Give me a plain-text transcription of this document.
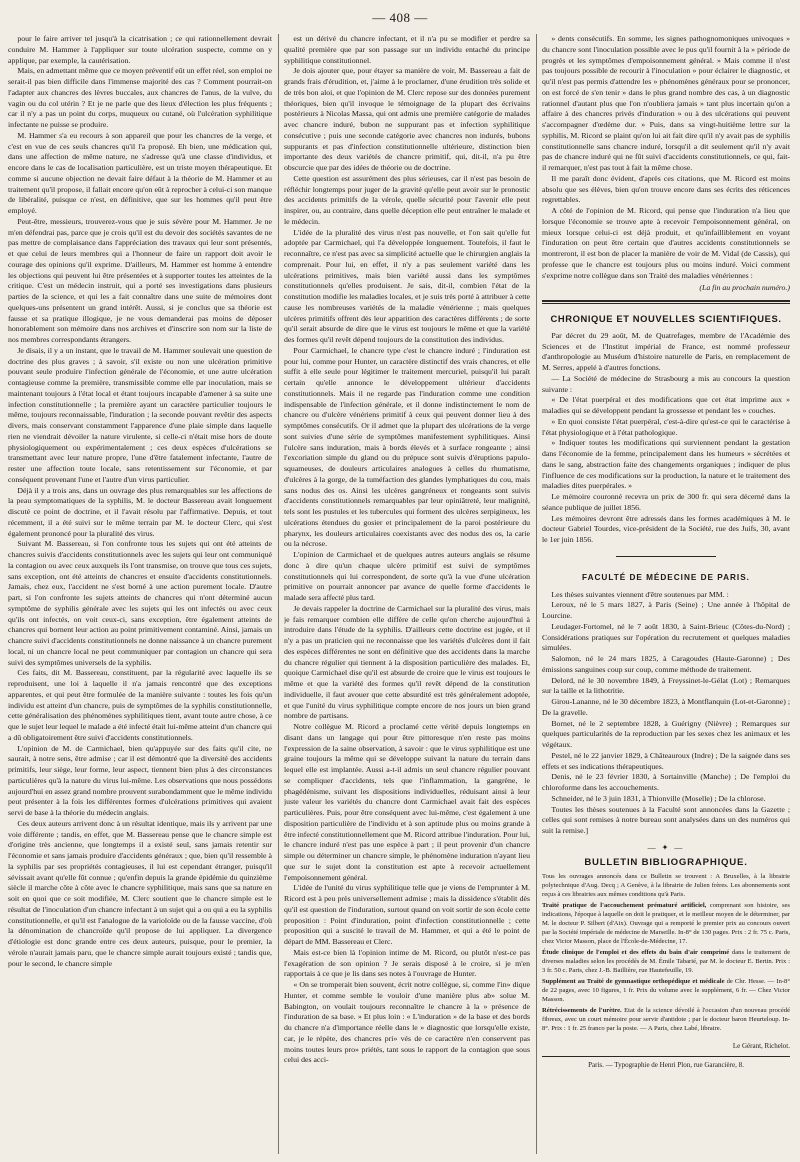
— 408 —

pour le faire arriver tel jusqu'à la cicatrisation ; ce qui rationnellement devrait conduire M. Hammer à l'appliquer sur toute ulcération suspecte, comme on y applique, par exemple, la cautérisation.

Mais, en admettant même que ce moyen préventif eût un effet réel, son emploi ne serait-il pas bien difficile dans l'immense majorité des cas ? Comment pourrait-on l'adapter aux chancres des lèvres buccales, aux chancres de l'anus, de la vulve, du vagin ou du col utérin ? Et je ne parle que des lieux d'élection les plus fréquents ; car il n'y a pas un point du corps, muqueux ou cutané, où l'ulcération syphilitique infectante ne puisse se produire.

M. Hammer s'a eu recours à son appareil que pour les chancres de la verge, et c'est en vue de ces seuls chancres qu'il l'a proposé. Eh bien, une médication qui, dans une affection de même nature, ne s'adresse qu'à une classe d'individus, et encore dans le cas de localisation particulière, est un triste moyen thérapeutique. Et comme si aucune objection ne devait faire défaut à la théorie de M. Hammer et au traitement qu'il propose, il fallait encore qu'on eût à reprocher à celui-ci son manque de libéralité, puisque ce n'est, en définitive, que sur les hommes qu'il peut être employé.

Peut-être, messieurs, trouverez-vous que je suis sévère pour M. Hammer. Je ne m'en défendrai pas, parce que je crois qu'il est du devoir des sociétés savantes de ne pas mettre de complaisance dans l'appréciation des travaux qui leur sont présentés, et que celui de leurs membres qui a l'honneur de faire un rapport doit avoir le courage des opinions qu'il exprime. D'ailleurs, M. Hammer est homme à entendre les objections qui peuvent lui être présentées et à supporter toutes les atteintes de la critique. C'est un médecin instruit, qui a porté ses investigations dans plusieurs parties de la science, et qui les a fait connaître dans une suite de mémoires dont quelques-uns présentent un grand intérêt. Aussi, si je conclus que sa théorie est fausse et sa pratique illogique, je ne vous demanderai pas moins de déposer honorablement son mémoire dans nos archives et d'inscrire son nom sur la liste de nos membres correspondants étrangers.

Je disais, il y a un instant, que le travail de M. Hammer soulevait une question de doctrine des plus graves ; à savoir, s'il existe ou non une ulcération primitive pouvant seule produire l'infection générale de l'économie, et une autre ulcération contagieuse comme la première, transmissible comme elle par inoculation, mais se maintenant toujours à l'état local et étant toujours incapable d'amener à sa suite une infection constitutionnelle ; la première ayant un caractère particulier toujours le même, toujours reconnaissable, l'induration ; la seconde pouvant revêtir des aspects divers, mais conservant constamment l'apparence d'une plaie simple dans laquelle rien ne viendrait dévoiler la nature virulente, si celle-ci n'était mise hors de doute physiologiquement ou expérimentalement ; ces deux espèces d'ulcérations se transmettant avec leur nature propre, l'une d'être fatalement infectante, l'autre de rester une affection toute locale, sans retentissement sur l'économie, et par conséquent provenant l'une et l'autre d'un virus particulier.

Déjà il y a trois ans, dans un ouvrage des plus remarquables sur les affections de la peau symptomatiques de la syphilis, M. le docteur Bassereau avait longuement discuté ce point de doctrine, et il l'avait résolu par l'affirmative. Depuis, et tout récemment, il a été suivi sur le même terrain par M. le docteur Clerc, qui s'est également prononcé pour la pluralité des virus.

Suivant M. Bassereau, si l'on confronte tous les sujets qui ont été atteints de chancres suivis d'accidents constitutionnels avec les sujets qui leur ont communiqué la contagion ou avec ceux auxquels ils l'ont transmise, on trouve que tous ces sujets, sans exception, ont été atteints de chancres et ensuite d'accidents constitutionnels. Jamais, chez eux, l'accident ne s'est borné à une action purement locale. D'autre part, si l'on confronte les sujets atteints de chancres qui n'ont déterminé aucun symptôme de syphilis générale avec les sujets qui les ont infectés ou avec ceux qu'ils ont infectés, on voit ceux-ci, sans exception, être également atteints de chancres qui bornent leur action au point primitivement contaminé. Ainsi, jamais un chancre suivi d'accidents constitutionnels ne donne naissance à un chancre purement local, ni un chancre local ne peut communiquer par contagion un chancre qui sera suivi des symptômes universels de la syphilis.

Ces faits, dit M. Bassereau, constituent, par la régularité avec laquelle ils se reproduisent, une loi à laquelle il n'a jamais rencontré que des exceptions apparentes, et qui peut être formulée de la manière suivante : toutes les fois qu'un individu est atteint d'un chancre, puis de symptômes de la syphilis constitutionnelle, cette généralisation des phénomènes syphilitiques tient, avant toute autre chose, à ce que le sujet leur lequel le malade a été infecté était lui-même atteint d'un chancre qui a dû obligatoirement être suivi d'accidents constitutionnels.

L'opinion de M. de Carmichael, bien qu'appuyée sur des faits qu'il cite, ne saurait, à notre sens, être admise ; car il est démontré que la diversité des accidents primitifs, leur siège, leur forme, leur aspect, tiennent bien plus à des circonstances particulières qu'à la nature du virus lui-même. Les observations que nous possédons aujourd'hui en assez grand nombre prouvent surabondamment que le même individu peut présenter à la fois les différentes formes d'ulcérations primitives qui avaient servi de base à la théorie du médecin anglais.

Ces deux auteurs arrivent donc à un résultat identique, mais ils y arrivent par une voie différente ; tandis, en effet, que M. Bassereau pense que le chancre simple est d'origine très ancienne, que longtemps il a existé seul, sans jamais retentir sur l'économie et sans jamais produire d'accidents généraux ; que, bien qu'il ressemble à la syphilis par ses propriétés contagieuses, il lui est cependant étranger, puisqu'il sévissait avant qu'elle fût connue ; qu'enfin depuis la grande épidémie du quinzième siècle il marche côte à côte avec le chancre syphilitique, mais sans que sa nature en soit en quoi que ce soit modifiée, M. Clerc soutient que le chancre simple est le résultat de l'inoculation d'un chancre infectant à un sujet qui a ou qui a eu la syphilis constitutionnelle, et qu'il est l'analogue de la varioloïde ou de la fausse vaccine, d'où la dénomination de chancroïde qu'il propose de lui appliquer. La divergence d'étiologie est donc grande entre ces deux auteurs, puisque, pour le premier, la vérole n'aurait jamais paru, que le chancre simple aurait toujours existé ; tandis que, pour le second, le chancre simple

est un dérivé du chancre infectant, et il n'a pu se modifier et perdre sa qualité première que par son passage sur un individu entaché du principe syphilitique constitutionnel.

Je dois ajouter que, pour étayer sa manière de voir, M. Bassereau a fait de grands frais d'érudition, et, j'aime à le proclamer, d'une érudition très solide et de très bon aloi, et que l'opinion de M. Clerc repose sur des données purement théoriques, bien qu'il invoque le témoignage de la plupart des écrivains postérieurs à Nicolas Massa, qui ont admis une première catégorie de malades avec chancre induré, bubon ne suppurant pas et infection syphilitique consécutive ; puis une seconde catégorie avec chancres non indurés, bubons suppurants et pas d'infection constitutionnelle ultérieure, distinction bien importante des deux variétés de chancre primitif, qui, dit-il, n'a pu être obscurcie que par des idées de théorie ou de doctrine.

Cette question est assurément des plus sérieuses, car il n'est pas besoin de réfléchir longtemps pour juger de la gravité qu'elle peut avoir sur le pronostic des accidents primitifs de la vérole, quelle sécurité pour l'avenir elle peut inspirer, ou, au contraire, dans quelle déception elle peut entraîner le malade et le médecin.

L'idée de la pluralité des virus n'est pas nouvelle, et l'on sait qu'elle fut adoptée par Carmichael, qui l'a développée longuement. Toutefois, il faut le reconnaître, ce n'est pas avec sa simplicité actuelle que le chirurgien anglais la comprenait. Pour lui, en effet, il n'y a pas seulement variété dans les ulcérations primitives, mais bien variété aussi dans les symptômes constitutionnels qu'elles produisent. Je sais, dit-il, combien l'état de la constitution modifie les maladies locales, et je suis très porté à attribuer à cette cause les nombreuses variétés de la maladie vénérienne ; mais quelques ulcères primitifs offrent dès leur apparition des caractères différents ; de sorte qu'il serait absurde de dire que le virus est toujours le même et que la variété des formes qu'il revêt dépend toujours de la constitution des individus.

Pour Carmichael, le chancre type c'est le chancre induré ; l'induration est pour lui, comme pour Hunter, un caractère distinctif des vrais chancres, et elle suffit à elle seule pour légitimer le traitement mercuriel, puisqu'il lui paraît certain qu'elle annonce le développement ultérieur d'accidents constitutionnels. Mais il ne regarde pas l'induration comme une condition indispensable de l'infection générale, et il donne indistinctement le nom de chancre ou d'ulcère vénériens primitif à ceux qui peuvent donner lieu à des symptômes consécutifs. Or il admet que la plupart des ulcérations de la verge sont suivies d'une série de symptômes manifestement syphilitiques. Ainsi l'ulcère sans induration, mais à bords élevés et à surface rongeante ; ainsi l'excoriation simple du gland ou du prépuce sont suivis d'éruptions papulo-squameuses, de douleurs articulaires analogues à celles du rhumatisme, d'ulcères à la gorge, de la tuméfaction des glandes lymphatiques du cou, mais sans nodus des os. Ainsi les ulcères gangréneux et rongeants sont suivis d'accidents constitutionnels remarquables par leur opiniâtreté, leur malignité, tels sont les pustules et les tubercules qui forment des ulcères serpigineux, les ulcérations étendues du gosier et principalement de la paroi postérieure du pharynx, les douleurs articulaires coexistants avec des nodus des os, la carie ou la nécrose.

L'opinion de Carmichael et de quelques autres auteurs anglais se résume donc à dire qu'un chaque ulcère primitif est suivi de symptômes constitutionnels qui lui correspondent, de sorte qu'à la vue d'une ulcération primitive on pourrait annoncer par avance de quelle forme d'accidents le malade sera affecté plus tard.

Je devais rappeler la doctrine de Carmichael sur la pluralité des virus, mais je fais remarquer combien elle diffère de celle qu'on cherche aujourd'hui à introduire dans l'étude de la syphilis. D'ailleurs cette doctrine est jugée, et il n'y a pas un praticien qui ne reconnaisse que les variétés d'ulcères dont il fait des espèces différentes ne sont en définitive que des accidents dans la marche du chancre régulier qui tiennent à la disposition particulière des malades. Et, quoique Carmichael dise qu'il est absurde de croire que le virus est toujours le même et que la variété des formes qu'il revêt dépend de la constitution individuelle, il faut avouer que cette absurdité est très généralement adoptée, et que l'unité du virus syphilitique compte encore de nos jours un bien grand nombre de partisans.

Notre collègue M. Ricord a proclamé cette vérité depuis longtemps en disant dans un langage qui pour être pittoresque n'en reste pas moins l'expression de la saine observation, à savoir : que le virus syphilitique est une graine toujours la même qui se développe suivant la nature du terrain dans lequel elle est implantée. Aussi a-t-il admis un seul chancre régulier pouvant se compliquer d'accidents, tels que l'inflammation, la gangrène, le phagédénisme, suivant les dispositions individuelles, réduisant ainsi à leur juste valeur les variétés du chancre dont Carmichael avait fait des espèces particulières. Puis, pour être conséquent avec lui-même, c'est également à une disposition particulière de l'individu et à son aptitude plus ou moins grande à être infecté constitutionnellement que M. Ricord attribue l'induration. Pour lui, le chancre induré n'est pas une espèce à part ; il peut provenir d'un chancre simple ou déterminer un chancre simple, le phénomène induration n'ayant lieu que sur le sujet dont la constitution est apte à recevoir actuellement l'empoisonnement général.

L'idée de l'unité du virus syphilitique telle que je viens de l'emprunter à M. Ricord est à peu près universellement admise ; mais la dissidence s'établit dès qu'il est question de l'induration, surtout quand on voit sortir de son école cette proposition : Point d'induration, point d'infection constitutionnelle ; cette proposition qui a suscité le travail de M. Hammer, et qui a été le point de départ de MM. Bassereau et Clerc.

Mais est-ce bien là l'opinion intime de M. Ricord, ou plutôt n'est-ce pas l'exagération de son opinion ? Je serais disposé à le croire, si je m'en rapportais à ce que je lis dans ses notes à l'ouvrage de Hunter.

« On se tromperait bien souvent, écrit notre collègue, si, comme l'in» dique Hunter, et comme semble le vouloir d'une manière plus ab» solue M. Babington, on voulait toujours reconnaître le chancre à la » présence de l'induration de sa base. » Et plus loin : « L'induration » de la base et des bords du chancre n'a d'importance réelle dans le » diagnostic que lorsqu'elle existe, car, je le répète, des chancres pri» vés de ce caractère n'en conservent pas moins toutes leurs pro» priétés, tant sous le rapport de la contagion que sous celui des acci-

» dents consécutifs. En somme, les signes pathognomoniques univoques » du chancre sont l'inoculation possible avec le pus qu'il fournit à la » période de progrès et les symptômes d'empoisonnement général. » Mais comme il n'est pas toujours possible de recourir à l'inoculation » pour éclairer le diagnostic, et qu'il n'est pas permis d'attendre les » phénomènes généraux pour se prononcer, on est forcé de s'en tenir » dans le plus grand nombre des cas, à un diagnostic rationnel d'autant plus que l'on n'oubliera jamais » tant plus incertain qu'on a affaire à des chancres privés d'induration » ou à des ulcérations qui peuvent s'accompagner d'œdème dur. » Puis, dans sa vingt-huitième lettre sur la syphilis, M. Ricord se plaint qu'on lui ait fait dire qu'il n'y avait pas de syphilis constitutionnelle sans chancre induré, lorsqu'il a dit seulement qu'il n'y avait pas de chancre induré qui ne fût suivi d'accidents constitutionnels, ce qui, fait-il remarquer, n'est pas tout à fait la même chose.

Il me paraît donc évident, d'après ces citations, que M. Ricord est moins absolu que ses élèves, bien qu'on trouve encore dans ses écrits des réticences regrettables.

A côté de l'opinion de M. Ricord, qui pense que l'induration n'a lieu que lorsque l'économie se trouve apte à recevoir l'empoisonnement général, on mieux lorsque celui-ci est déjà produit, et qu'infailliblement en voyant l'induration on peut être certain que d'autres accidents constitutionnels se montreront, il est bon de placer la manière de voir de M. Vidal (de Cassis), qui professe que le chancre est toujours plus ou moins induré. Voici comment s'exprime notre collègue dans son Traité des maladies vénériennes :

(La fin au prochain numéro.)
CHRONIQUE ET NOUVELLES SCIENTIFIQUES.

Par décret du 29 août, M. de Quatrefages, membre de l'Académie des Sciences et de l'Institut impérial de France, est nommé professeur d'anthropologie au Muséum d'histoire naturelle de Paris, en remplacement de M. Serres, appelé à d'autres fonctions.

— La Société de médecine de Strasbourg a mis au concours la question suivante :

« De l'état puerpéral et des modifications que cet état imprime aux » maladies qui se développent pendant la grossesse et pendant les » couches.

» En quoi consiste l'état puerpéral, c'est-à-dire qu'est-ce qui le caractérise à l'état physiologique et à l'état pathologique.

» Indiquer toutes les modifications qui surviennent pendant la gestation dans l'économie de la femme, principalement dans les humeurs » sécrétées et dans le sang, abstraction faite des changements organiques ; indiquer de plus l'influence de ces modifications sur la production, la nature et le traitement des maladies dites puerpérales. »

Le mémoire couronné recevra un prix de 300 fr. qui sera décerné dans la séance publique de juillet 1856.

Les mémoires devront être adressés dans les formes académiques à M. le docteur Gabriel Tourdes, vice-président de la Société, rue des Juifs, 30, avant le 1er juin 1856.

FACULTÉ DE MÉDECINE DE PARIS.

Les thèses suivantes viennent d'être soutenues par MM. :

Leroux, né le 5 mars 1827, à Paris (Seine) ; Une année à l'hôpital de Lourcine.

Leudager-Fortomel, né le 7 août 1830, à Saint-Brieuc (Côtes-du-Nord) ; Considérations pratiques sur l'opération du recrutement et quelques maladies simulées.

Salomon, né le 24 mars 1825, à Caragoudes (Haute-Garonne) ; Des émissions sanguines coup sur coup, comme méthode de traitement.

Delord, né le 30 novembre 1849, à Freyssinet-le-Gélat (Lot) ; Remarques sur la taille et la lithotritie.

Girou-Lananne, né le 30 décembre 1823, à Montflanquin (Lot-et-Garonne) ; De la gravelle.

Bornet, né le 2 septembre 1828, à Guérigny (Nièvre) ; Remarques sur quelques particularités de la reproduction par les sexes chez les animaux et les végétaux.

Pestel, né le 22 janvier 1829, à Châteauroux (Indre) ; De la saignée dans ses effets et ses indications thérapeutiques.

Denis, né le 23 février 1830, à Sortainville (Manche) ; De l'emploi du chloroforme dans les accouchements.

Schneider, né le 3 juin 1831, à Thionville (Moselle) ; De la chlorose.

Toutes les thèses soutenues à la Faculté sont annoncées dans la Gazette ; celles qui sont remises à notre bureau sont analysées dans un des numéros qui suit la remise.]

— ✦ —
BULLETIN BIBLIOGRAPHIQUE.

Tous les ouvrages annoncés dans ce Bulletin se trouvent : A Bruxelles, à la librairie polytechnique d'Aug. Decq ; A Genève, à la librairie de Julien frères. Les abonnements sont reçus à ces librairies aux mêmes conditions qu'à Paris.

Traité pratique de l'accouchement prématuré artificiel, comprenant son histoire, ses indications, l'époque à laquelle on doit le pratiquer, et le meilleur moyen de le déterminer, par M. le docteur P. Silbert (d'Aix). Ouvrage qui a remporté le premier prix au concours ouvert par la Société impériale de médecine de Marseille. In-8° de 130 pages. Prix : 2 fr. 75 c. Paris, chez Victor Masson, place de l'École-de-Médecine, 17.

Étude clinique de l'emploi et des effets du bain d'air comprimé dans le traitement de diverses maladies selon les procédés de M. Émile Tabarié, par M. le docteur E. Bertin. Prix : 3 fr. 50 c. Paris, chez J.-B. Baillière, rue Hautefeuille, 19.

Supplément au Traité de gymnastique orthopédique et médicale de Chr. Hesse. — In-8° de 22 pages, avec 10 figures, 1 fr. Prix du volume avec le supplément, 6 fr. — Chez Victor Masson.

Rétrécissements de l'urètre. Etat de la science dévoilé à l'occasion d'un nouveau procédé fibreux, avec un court mémoire pour servir d'antidote ; par le docteur baron Heurteloup. In-8°. Prix : 1 fr. 25 franco par la poste. — A Paris, chez Labé, libraire.

Le Gérant, Richelot.
Paris. — Typographie de Henri Plon, rue Garancière, 8.
